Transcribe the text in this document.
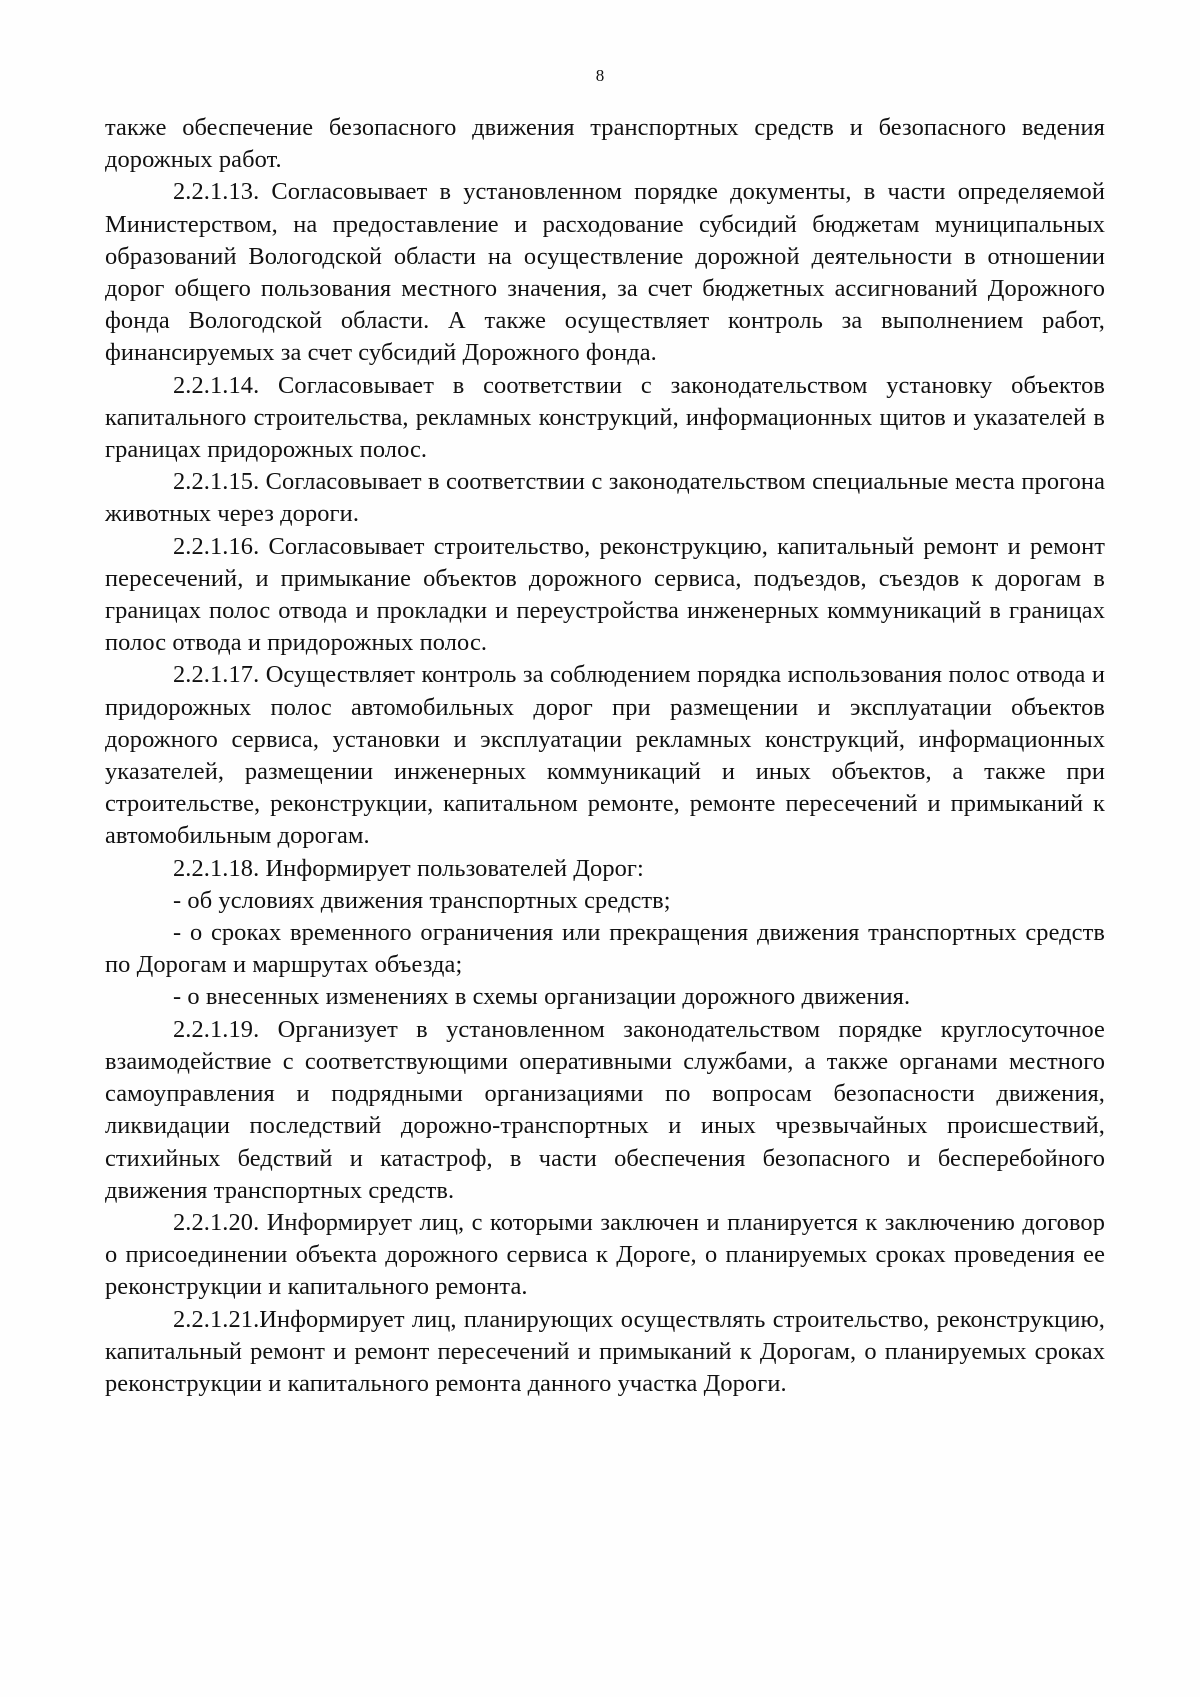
8

также обеспечение безопасного движения транспортных средств и безопасного ведения дорожных работ.

2.2.1.13. Согласовывает в установленном порядке документы, в части определяемой Министерством, на предоставление и расходование субсидий бюджетам муниципальных образований Вологодской области на осуществление дорожной деятельности в отношении дорог общего пользования местного значения, за счет бюджетных ассигнований Дорожного фонда Вологодской области. А также осуществляет контроль за выполнением работ, финансируемых за счет субсидий Дорожного фонда.

2.2.1.14. Согласовывает в соответствии с законодательством установку объектов капитального строительства, рекламных конструкций, информационных щитов и указателей в границах придорожных полос.

2.2.1.15. Согласовывает в соответствии с законодательством специальные места прогона животных через дороги.

2.2.1.16. Согласовывает строительство, реконструкцию, капитальный ремонт и ремонт пересечений, и примыкание объектов дорожного сервиса, подъездов, съездов к дорогам в границах полос отвода и прокладки и переустройства инженерных коммуникаций в границах полос отвода и придорожных полос.

2.2.1.17. Осуществляет контроль за соблюдением порядка использования полос отвода и придорожных полос автомобильных дорог при размещении и эксплуатации объектов дорожного сервиса, установки и эксплуатации рекламных конструкций, информационных указателей, размещении инженерных коммуникаций и иных объектов, а также при строительстве, реконструкции, капитальном ремонте, ремонте пересечений и примыканий к автомобильным дорогам.

2.2.1.18. Информирует пользователей Дорог:

- об условиях движения транспортных средств;

- о сроках временного ограничения или прекращения движения транспортных средств по Дорогам и маршрутах объезда;

- о внесенных изменениях в схемы организации дорожного движения.

2.2.1.19. Организует в установленном законодательством порядке круглосуточное взаимодействие с соответствующими оперативными службами, а также органами местного самоуправления и подрядными организациями по вопросам безопасности движения, ликвидации последствий дорожно-транспортных и иных чрезвычайных происшествий, стихийных бедствий и катастроф, в части обеспечения безопасного и бесперебойного движения транспортных средств.

2.2.1.20. Информирует лиц, с которыми заключен и планируется к заключению договор о присоединении объекта дорожного сервиса к Дороге, о планируемых сроках проведения ее реконструкции и капитального ремонта.

2.2.1.21.Информирует лиц, планирующих осуществлять строительство, реконструкцию, капитальный ремонт и ремонт пересечений и примыканий к Дорогам, о планируемых сроках реконструкции и капитального ремонта данного участка Дороги.
